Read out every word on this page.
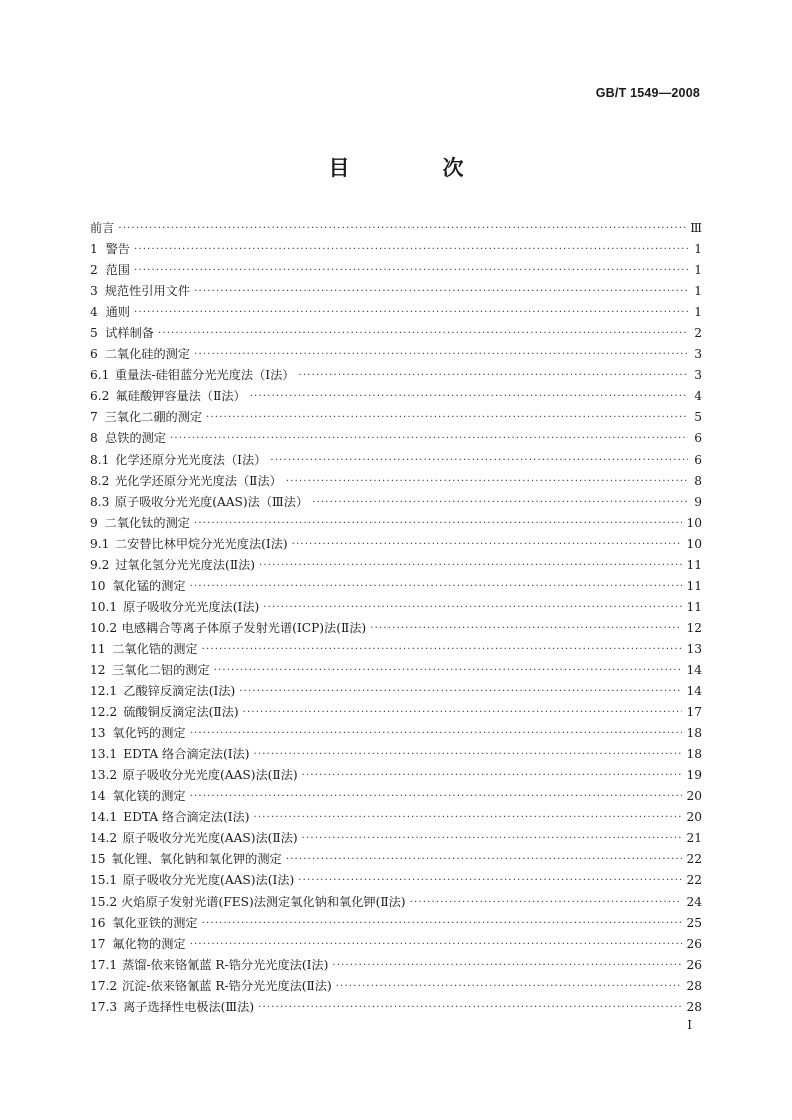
GB/T 1549—2008
目　次
前言 ·····	Ⅲ
1 警告 ·····	1
2 范围 ·····	1
3 规范性引用文件 ·····	1
4 通则 ·····	1
5 试样制备 ·····	2
6 二氧化硅的测定 ·····	3
6.1 重量法-硅钼蓝分光光度法（Ⅰ法） ·····	3
6.2 氟硅酸钾容量法（Ⅱ法） ·····	4
7 三氧化二硼的测定 ·····	5
8 总铁的测定 ·····	6
8.1 化学还原分光光度法（Ⅰ法） ·····	6
8.2 光化学还原分光光度法（Ⅱ法） ·····	8
8.3 原子吸收分光光度(AAS)法（Ⅲ法） ·····	9
9 二氧化钛的测定 ·····	10
9.1 二安替比林甲烷分光光度法(Ⅰ法) ·····	10
9.2 过氧化氢分光光度法(Ⅱ法) ·····	11
10 氧化锰的测定 ·····	11
10.1 原子吸收分光光度法(Ⅰ法) ·····	11
10.2 电感耦合等离子体原子发射光谱(ICP)法(Ⅱ法) ·····	12
11 二氧化锆的测定 ·····	13
12 三氧化二铝的测定 ·····	14
12.1 乙酸锌反滴定法(Ⅰ法) ·····	14
12.2 硫酸铜反滴定法(Ⅱ法) ·····	17
13 氧化钙的测定 ·····	18
13.1 EDTA 络合滴定法(Ⅰ法) ·····	18
13.2 原子吸收分光光度(AAS)法(Ⅱ法) ·····	19
14 氧化镁的测定 ·····	20
14.1 EDTA 络合滴定法(Ⅰ法) ·····	20
14.2 原子吸收分光光度(AAS)法(Ⅱ法) ·····	21
15 氧化锂、氧化钠和氧化钾的测定 ·····	22
15.1 原子吸收分光光度(AAS)法(Ⅰ法) ·····	22
15.2 火焰原子发射光谱(FES)法测定氧化钠和氧化钾(Ⅱ法) ·····	24
16 氧化亚铁的测定 ·····	25
17 氟化物的测定 ·····	26
17.1 蒸馏-依来铬氰蓝 R-锆分光光度法(Ⅰ法) ·····	26
17.2 沉淀-依来铬氰蓝 R-锆分光光度法(Ⅱ法) ·····	28
17.3 离子选择性电极法(Ⅲ法) ·····	28
I
